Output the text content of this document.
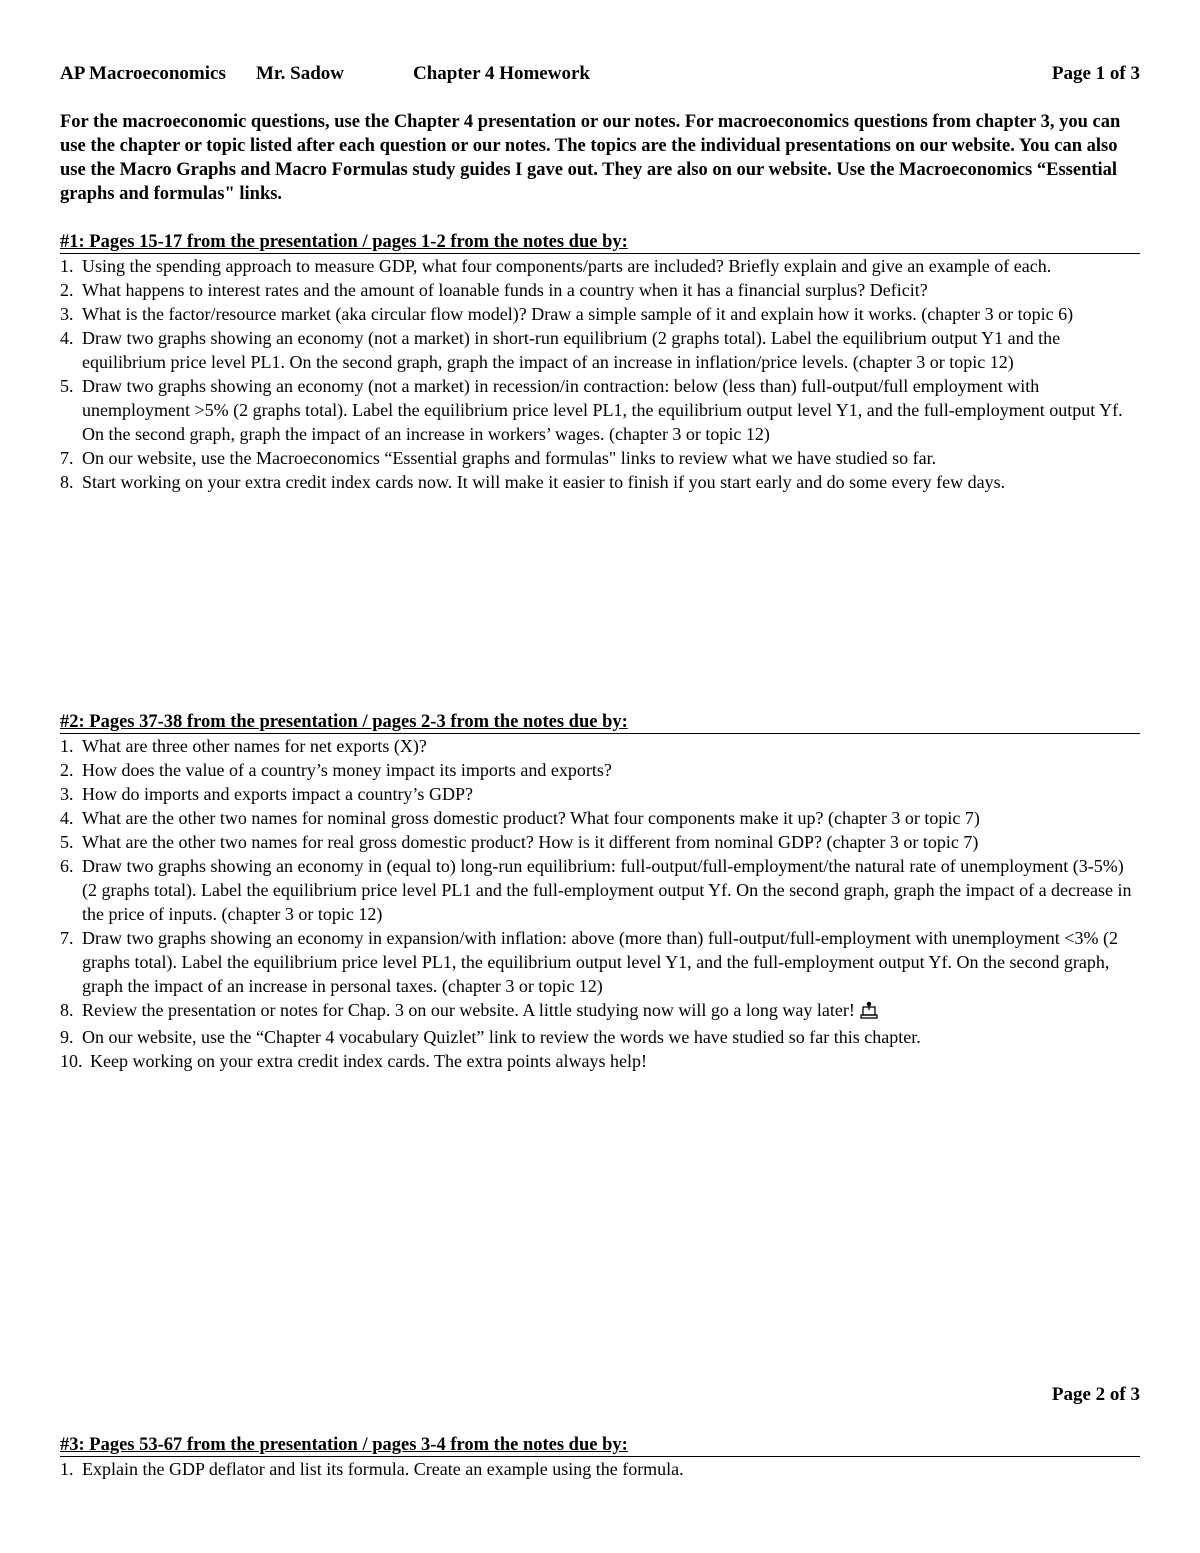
AP Macroeconomics Mr. Sadow	Chapter 4 Homework	Page 1 of 3
For the macroeconomic questions, use the Chapter 4 presentation or our notes. For macroeconomics questions from chapter 3, you can use the chapter or topic listed after each question or our notes. The topics are the individual presentations on our website. You can also use the Macro Graphs and Macro Formulas study guides I gave out. They are also on our website. Use the Macroeconomics “Essential graphs and formulas" links.
#1: Pages 15-17 from the presentation / pages 1-2 from the notes due by:
1. Using the spending approach to measure GDP, what four components/parts are included? Briefly explain and give an example of each.
2. What happens to interest rates and the amount of loanable funds in a country when it has a financial surplus? Deficit?
3. What is the factor/resource market (aka circular flow model)? Draw a simple sample of it and explain how it works. (chapter 3 or topic 6)
4. Draw two graphs showing an economy (not a market) in short-run equilibrium (2 graphs total). Label the equilibrium output Y1 and the equilibrium price level PL1. On the second graph, graph the impact of an increase in inflation/price levels. (chapter 3 or topic 12)
5. Draw two graphs showing an economy (not a market) in recession/in contraction: below (less than) full-output/full employment with unemployment >5% (2 graphs total). Label the equilibrium price level PL1, the equilibrium output level Y1, and the full-employment output Yf. On the second graph, graph the impact of an increase in workers’ wages. (chapter 3 or topic 12)
7. On our website, use the Macroeconomics “Essential graphs and formulas" links to review what we have studied so far.
8. Start working on your extra credit index cards now. It will make it easier to finish if you start early and do some every few days.
#2: Pages 37-38 from the presentation / pages 2-3 from the notes due by:
1. What are three other names for net exports (X)?
2. How does the value of a country’s money impact its imports and exports?
3. How do imports and exports impact a country’s GDP?
4. What are the other two names for nominal gross domestic product? What four components make it up? (chapter 3 or topic 7)
5. What are the other two names for real gross domestic product? How is it different from nominal GDP? (chapter 3 or topic 7)
6. Draw two graphs showing an economy in (equal to) long-run equilibrium: full-output/full-employment/the natural rate of unemployment (3-5%) (2 graphs total). Label the equilibrium price level PL1 and the full-employment output Yf. On the second graph, graph the impact of a decrease in the price of inputs. (chapter 3 or topic 12)
7. Draw two graphs showing an economy in expansion/with inflation: above (more than) full-output/full-employment with unemployment <3% (2 graphs total). Label the equilibrium price level PL1, the equilibrium output level Y1, and the full-employment output Yf. On the second graph, graph the impact of an increase in personal taxes. (chapter 3 or topic 12)
8. Review the presentation or notes for Chap. 3 on our website. A little studying now will go a long way later!
9. On our website, use the “Chapter 4 vocabulary Quizlet” link to review the words we have studied so far this chapter.
10. Keep working on your extra credit index cards. The extra points always help!
Page 2 of 3
#3: Pages 53-67 from the presentation / pages 3-4 from the notes due by:
1. Explain the GDP deflator and list its formula. Create an example using the formula.
